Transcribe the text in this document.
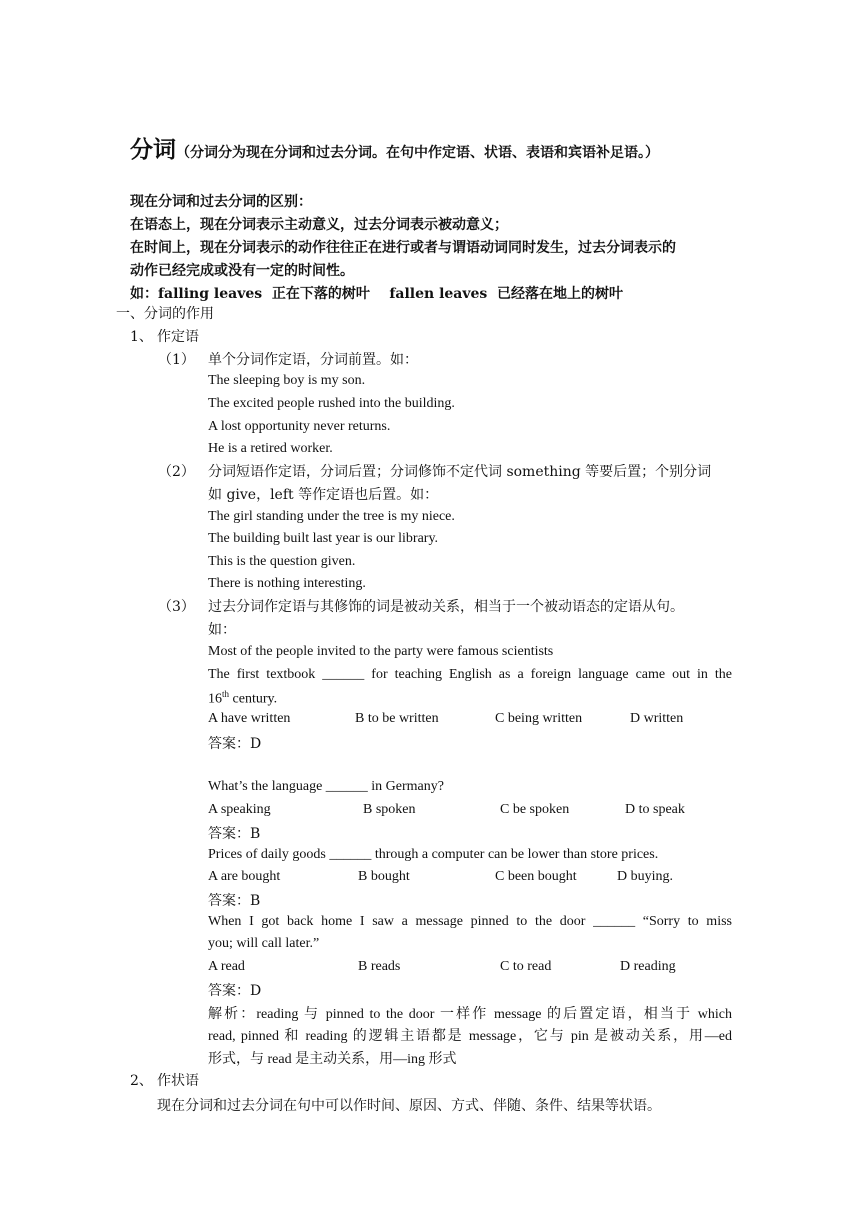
分词（分词分为现在分词和过去分词。在句中作定语、状语、表语和宾语补足语。）
现在分词和过去分词的区别：
在语态上，现在分词表示主动意义，过去分词表示被动意义；
在时间上，现在分词表示的动作往往正在进行或者与谓语动词同时发生，过去分词表示的
动作已经完成或没有一定的时间性。
如：falling leaves 正在下落的树叶 fallen leaves 已经落在地上的树叶
一、分词的作用
1、 作定语
（1） 单个分词作定语，分词前置。如：
The sleeping boy is my son.
The excited people rushed into the building.
A lost opportunity never returns.
He is a retired worker.
（2） 分词短语作定语，分词后置；分词修饰不定代词 something 等要后置；个别分词
如 give，left 等作定语也后置。如：
The girl standing under the tree is my niece.
The building built last year is our library.
This is the question given.
There is nothing interesting.
（3） 过去分词作定语与其修饰的词是被动关系，相当于一个被动语态的定语从句。
如：
Most of the people invited to the party were famous scientists
The first textbook ______ for teaching English as a foreign language came out in the
16th century.
A have written	B to be written	C being written	D written
答案：D
What’s the language ______ in Germany?
A speaking	B spoken	C be spoken	D to speak
答案：B
Prices of daily goods ______ through a computer can be lower than store prices.
A are bought	B bought	C been bought	D buying.
答案：B
When I got back home I saw a message pinned to the door ______ “Sorry to miss
you; will call later.”
A read	B reads	C to read	D reading
答案：D
解析：reading 与 pinned to the door 一样作 message 的后置定语，相当于 which
read, pinned 和 reading 的逻辑主语都是 message，它与 pin 是被动关系，用—ed
形式，与 read 是主动关系，用—ing 形式
2、 作状语
现在分词和过去分词在句中可以作时间、原因、方式、伴随、条件、结果等状语。
